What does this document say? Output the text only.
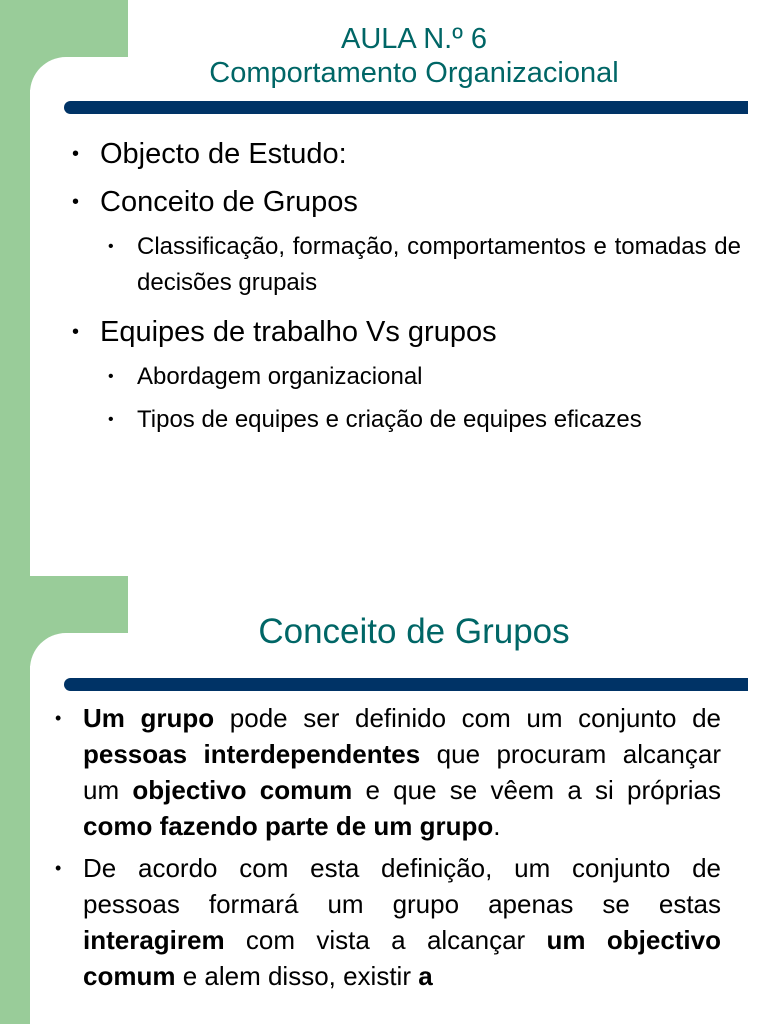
AULA N.º 6
Comportamento Organizacional
• Objecto de Estudo:
• Conceito de Grupos
• Classificação, formação, comportamentos e tomadas de decisões grupais
• Equipes de trabalho Vs grupos
• Abordagem organizacional
• Tipos de equipes e criação de equipes eficazes
Conceito de Grupos
• Um grupo pode ser definido com um conjunto de pessoas interdependentes que procuram alcançar um objectivo comum e que se vêem a si próprias como fazendo parte de um grupo.
• De acordo com esta definição, um conjunto de pessoas formará um grupo apenas se estas interagirem com vista a alcançar um objectivo comum e alem disso, existir a
